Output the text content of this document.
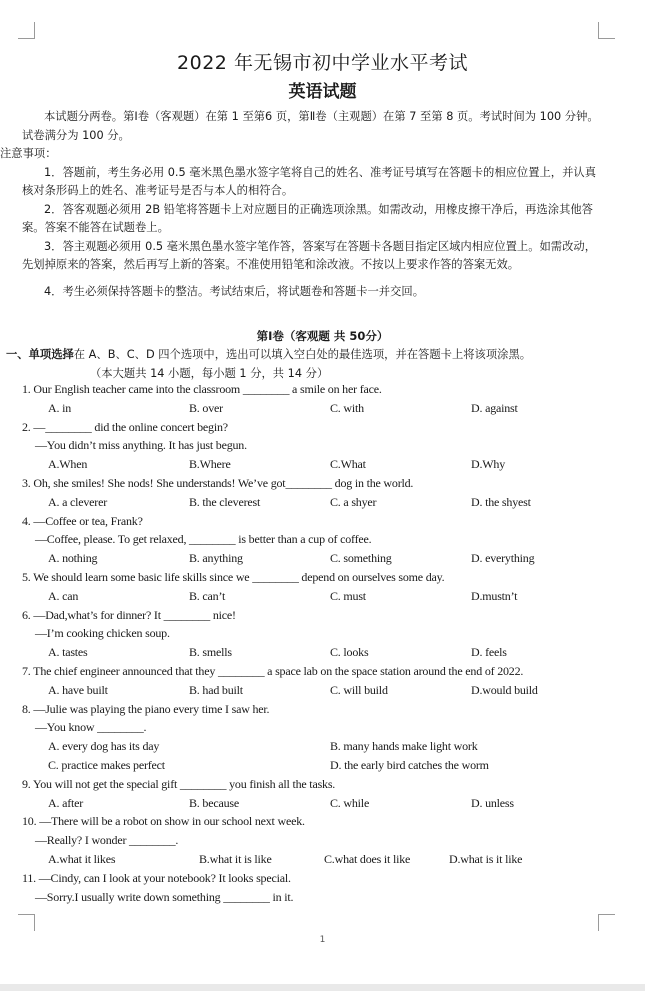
2022 年无锡市初中学业水平考试
英语试题

本试题分两卷。第Ⅰ卷（客观题）在第 1 至第6 页，第Ⅱ卷（主观题）在第 7 至第 8 页。考试时间为 100 分钟。试卷满分为 100 分。

注意事项：

1．答题前，考生务必用 0.5 毫米黑色墨水签字笔将自己的姓名、准考证号填写在答题卡的相应位置上，并认真核对条形码上的姓名、准考证号是否与本人的相符合。

2．答客观题必须用 2B 铅笔将答题卡上对应题目的正确选项涂黑。如需改动，用橡皮擦干净后，再选涂其他答案。答案不能答在试题卷上。

3．答主观题必须用 0.5 毫米黑色墨水签字笔作答，答案写在答题卡各题目指定区域内相应位置上。如需改动，先划掉原来的答案，然后再写上新的答案。不准使用铅笔和涂改液。不按以上要求作答的答案无效。

4．考生必须保持答题卡的整洁。考试结束后，将试题卷和答题卡一并交回。

第Ⅰ卷（客观题 共 50分）
一、单项选择在 A、B、C、D 四个选项中，选出可以填入空白处的最佳选项，并在答题卡上将该项涂黑。
（本大题共 14 小题，每小题 1 分，共 14 分）
1. Our English teacher came into the classroom ________ a smile on her face.
A. in	B. over	C. with	D. against
2. —________ did the online concert begin?
—You didn’t miss anything. It has just begun.
A.When	B.Where	C.What	D.Why
3. Oh, she smiles! She nods! She understands! We’ve got________ dog in the world.
A. a cleverer	B. the cleverest	C. a shyer	D. the shyest
4. —Coffee or tea, Frank?
—Coffee, please. To get relaxed, ________ is better than a cup of coffee.
A. nothing	B. anything	C. something	D. everything
5. We should learn some basic life skills since we ________ depend on ourselves some day.
A. can	B. can’t	C. must	D.mustn’t
6. —Dad,what’s for dinner? It ________ nice!
—I’m cooking chicken soup.
A. tastes	B. smells	C. looks	D. feels
7. The chief engineer announced that they ________ a space lab on the space station around the end of 2022.
A. have built	B. had built	C. will build	D.would build
8. —Julie was playing the piano every time I saw her.
—You know ________.
A. every dog has its day	B. many hands make light work
C. practice makes perfect	D. the early bird catches the worm
9. You will not get the special gift ________ you finish all the tasks.
A. after	B. because	C. while	D. unless
10. —There will be a robot on show in our school next week.
—Really? I wonder ________.
A.what it likes	B.what it is like	C.what does it like	D.what is it like
11. —Cindy, can I look at your notebook? It looks special.
—Sorry.I usually write down something ________ in it.
1
